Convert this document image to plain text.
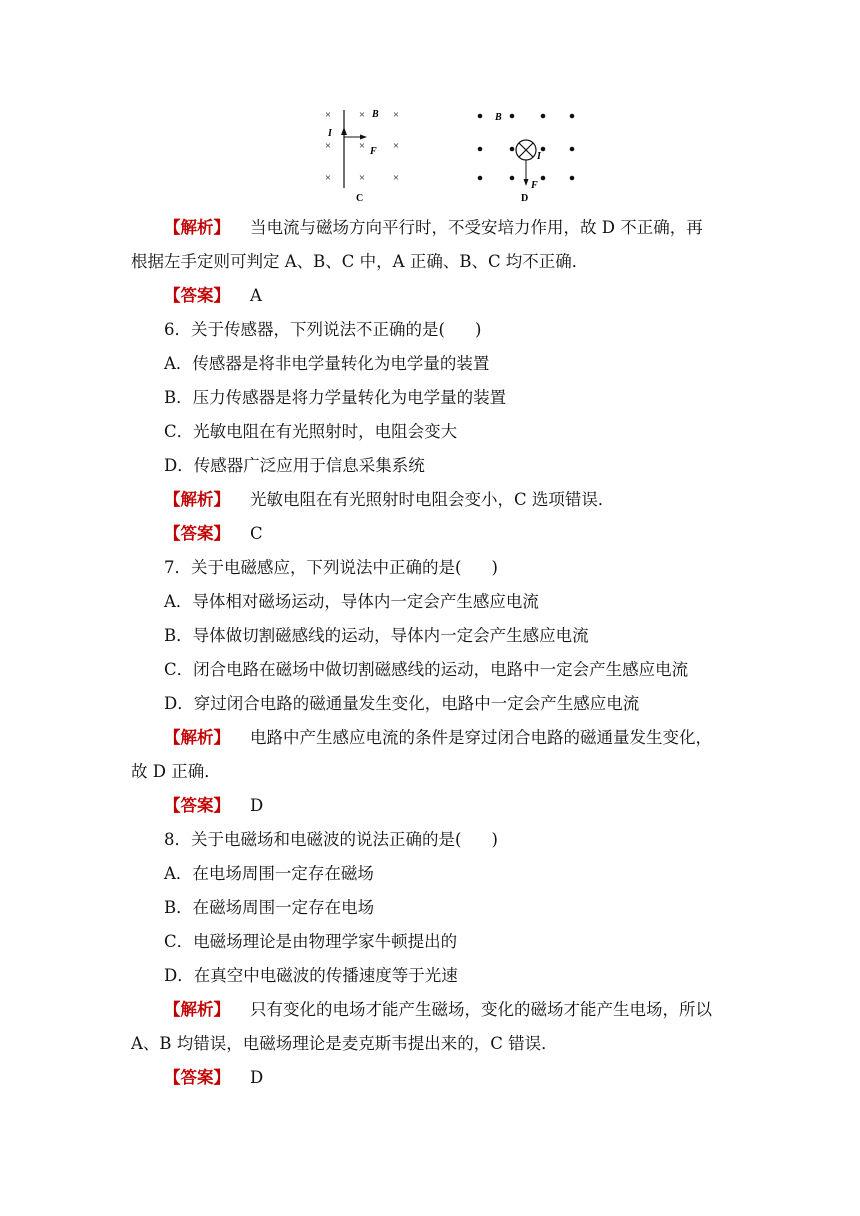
×	×	×
×	×	×
×	×	×
B
I
F
C
B
I
F
D
【解析】 当电流与磁场方向平行时，不受安培力作用，故 D 不正确，再
根据左手定则可判定 A、B、C 中，A 正确、B、C 均不正确．
【答案】 A
6．关于传感器，下列说法不正确的是( )
A．传感器是将非电学量转化为电学量的装置
B．压力传感器是将力学量转化为电学量的装置
C．光敏电阻在有光照射时，电阻会变大
D．传感器广泛应用于信息采集系统
【解析】 光敏电阻在有光照射时电阻会变小，C 选项错误．
【答案】 C
7．关于电磁感应，下列说法中正确的是( )
A．导体相对磁场运动，导体内一定会产生感应电流
B．导体做切割磁感线的运动，导体内一定会产生感应电流
C．闭合电路在磁场中做切割磁感线的运动，电路中一定会产生感应电流
D．穿过闭合电路的磁通量发生变化，电路中一定会产生感应电流
【解析】 电路中产生感应电流的条件是穿过闭合电路的磁通量发生变化，
故 D 正确．
【答案】 D
8．关于电磁场和电磁波的说法正确的是( )
A．在电场周围一定存在磁场
B．在磁场周围一定存在电场
C．电磁场理论是由物理学家牛顿提出的
D．在真空中电磁波的传播速度等于光速
【解析】 只有变化的电场才能产生磁场，变化的磁场才能产生电场，所以
A、B 均错误，电磁场理论是麦克斯韦提出来的，C 错误．
【答案】 D
